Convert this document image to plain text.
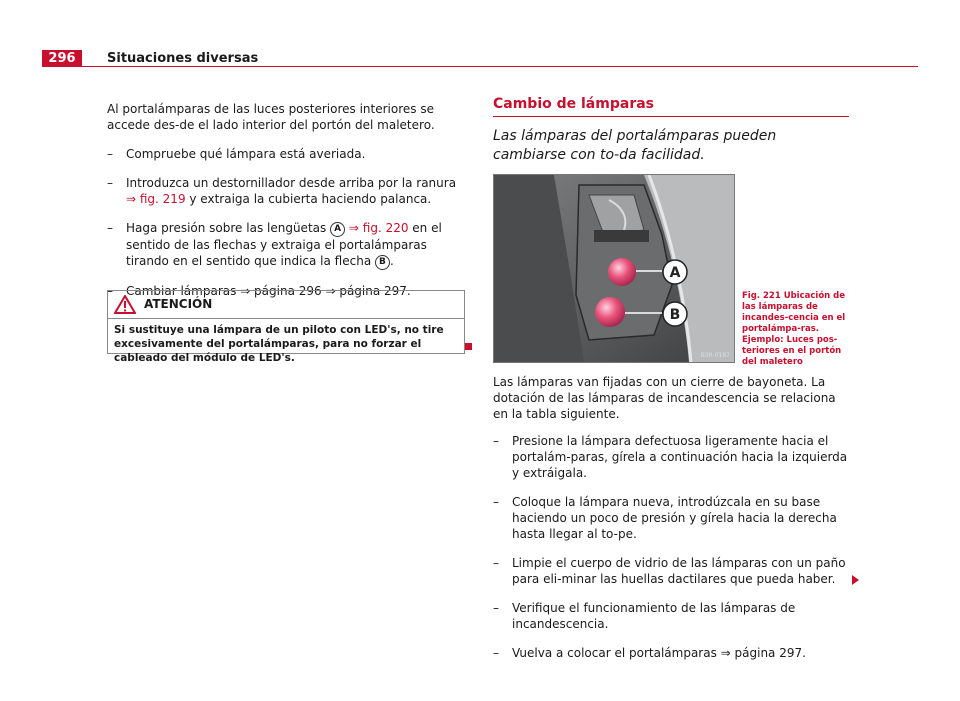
296	Situaciones diversas

Al portalámparas de las luces posteriores interiores se accede des-de el lado interior del portón del maletero.

– Compruebe qué lámpara está averiada.
– Introduzca un destornillador desde arriba por la ranura
⇒ fig. 219 y extraiga la cubierta haciendo palanca.
– Haga presión sobre las lengüetas A ⇒ fig. 220 en el sentido de las flechas y extraiga el portalámparas tirando en el sentido que indica la flecha B .
– Cambiar lámparas ⇒ página 296 ⇒ página 297.
ATENCIÓN
Si sustituye una lámpara de un piloto con LED's, no tire excesivamente del portalámparas, para no forzar el cableado del módulo de LED's.
Cambio de lámparas
Las lámparas del portalámparas pueden cambiarse con to-da facilidad.
A
B
B3R-0187
Fig. 221 Ubicación de las lámparas de incandes-cencia en el portalámpa-ras. Ejemplo: Luces pos-teriores en el portón del maletero

Las lámparas van fijadas con un cierre de bayoneta. La dotación de las lámparas de incandescencia se relaciona en la tabla siguiente.

– Presione la lámpara defectuosa ligeramente hacia el portalám-paras, gírela a continuación hacia la izquierda y extráigala.
– Coloque la lámpara nueva, introdúzcala en su base haciendo un poco de presión y gírela hacia la derecha hasta llegar al to-pe.
– Limpie el cuerpo de vidrio de las lámparas con un paño para eli-minar las huellas dactilares que pueda haber.
– Verifique el funcionamiento de las lámparas de incandescencia.
– Vuelva a colocar el portalámparas ⇒ página 297.
